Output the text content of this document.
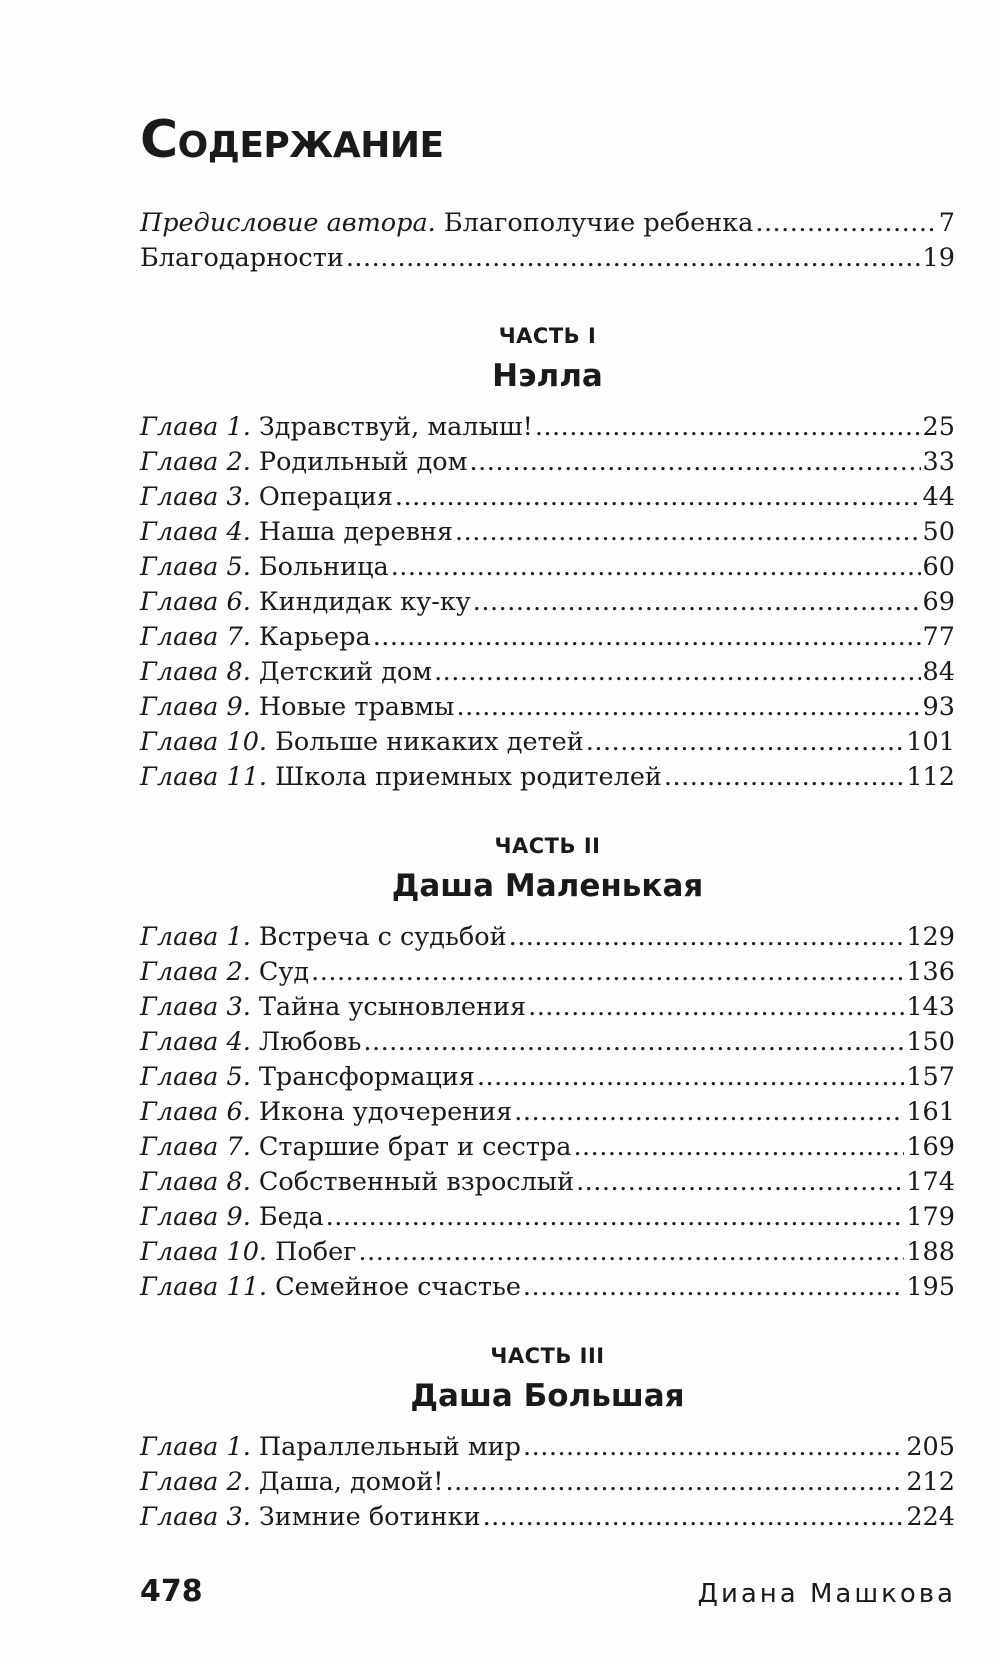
Содержание
Предисловие автора. Благополучие ребенка .....	7
Благодарности .....	19
ЧАСТЬ I
Нэлла
Глава 1. Здравствуй, малыш! .....	25
Глава 2. Родильный дом .....	33
Глава 3. Операция .....	44
Глава 4. Наша деревня .....	50
Глава 5. Больница .....	60
Глава 6. Киндидак ку-ку .....	69
Глава 7. Карьера .....	77
Глава 8. Детский дом .....	84
Глава 9. Новые травмы .....	93
Глава 10. Больше никаких детей .....	101
Глава 11. Школа приемных родителей .....	112
ЧАСТЬ II
Даша Маленькая
Глава 1. Встреча с судьбой .....	129
Глава 2. Суд .....	136
Глава 3. Тайна усыновления .....	143
Глава 4. Любовь .....	150
Глава 5. Трансформация .....	157
Глава 6. Икона удочерения .....	161
Глава 7. Старшие брат и сестра .....	169
Глава 8. Собственный взрослый .....	174
Глава 9. Беда .....	179
Глава 10. Побег .....	188
Глава 11. Семейное счастье .....	195
ЧАСТЬ III
Даша Большая
Глава 1. Параллельный мир .....	205
Глава 2. Даша, домой! .....	212
Глава 3. Зимние ботинки .....	224
478	Диана Машкова
